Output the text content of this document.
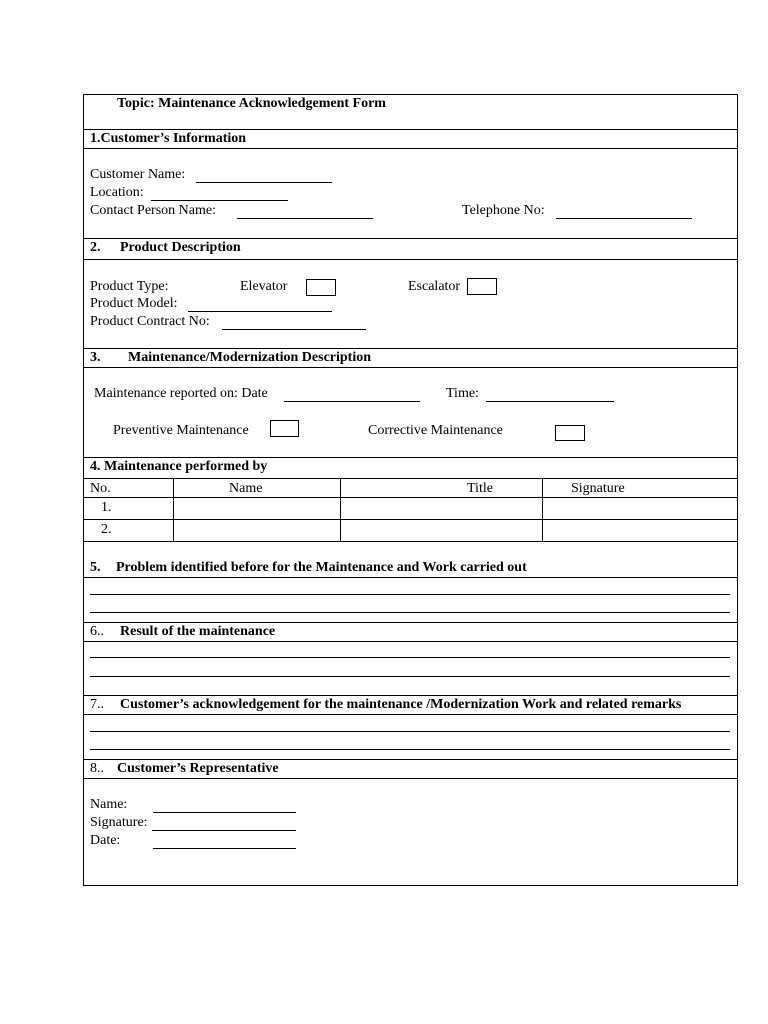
Topic: Maintenance Acknowledgement Form
1.Customer’s Information
Customer Name:
Location:
Contact Person Name:	Telephone No:
2. Product Description
Product Type:	Elevator	Escalator
Product Model:
Product Contract No:
3. Maintenance/Modernization Description
Maintenance reported on: Date	Time:
Preventive Maintenance	Corrective Maintenance
4. Maintenance performed by
No.	Name	Title	Signature
1.
2.
5. Problem identified before for the Maintenance and Work carried out
6.. Result of the maintenance
7.. Customer’s acknowledgement for the maintenance /Modernization Work and related remarks
8.. Customer’s Representative
Name:
Signature:
Date:
